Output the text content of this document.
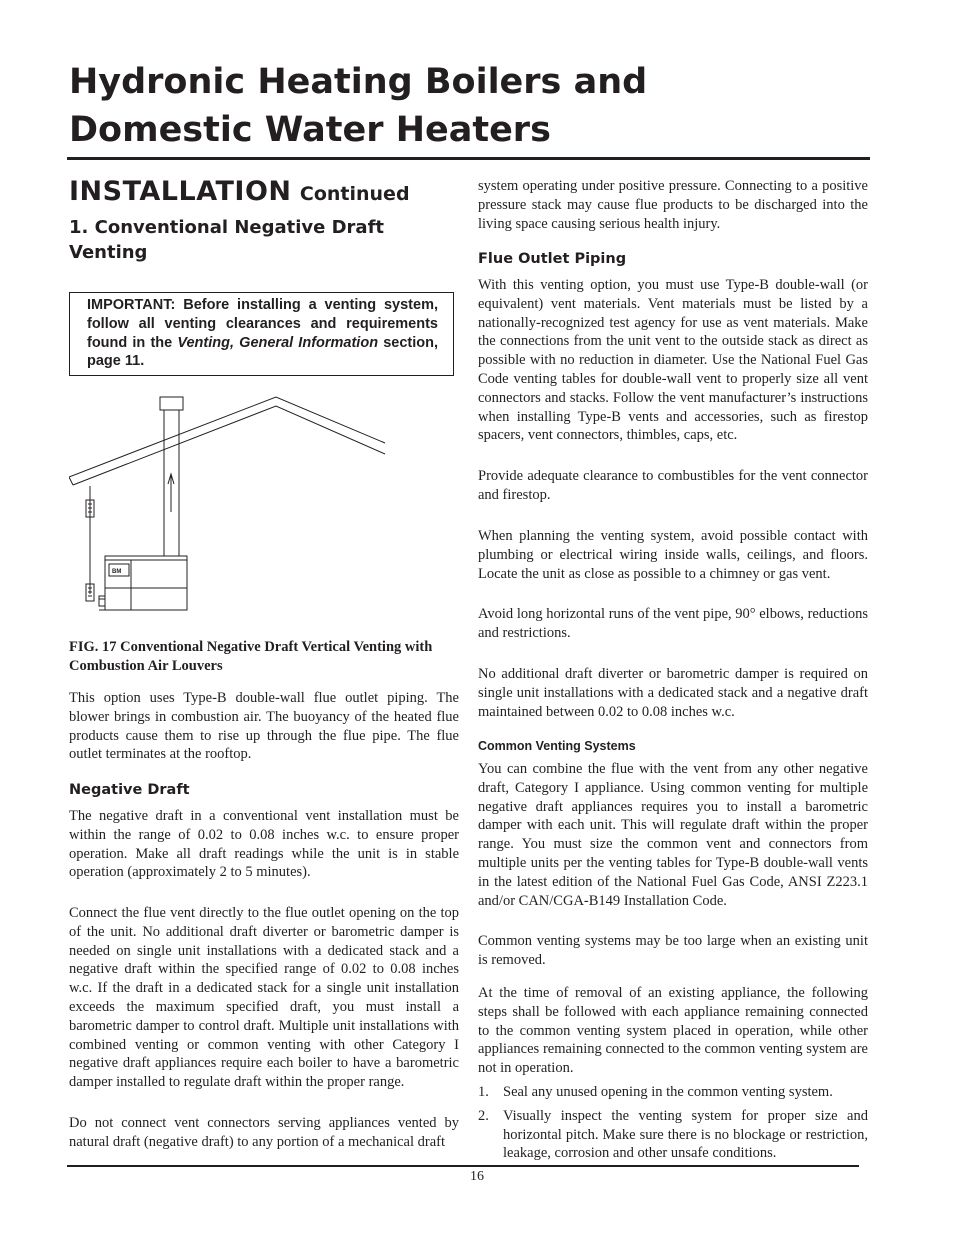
Hydronic Heating Boilers and
Domestic Water Heaters
INSTALLATION Continued
1. Conventional Negative Draft
Venting

IMPORTANT: Before installing a venting system, follow all venting clearances and requirements found in the Venting, General Information section, page 11.

BM

FIG. 17 Conventional Negative Draft Vertical Venting with
Combustion Air Louvers

This option uses Type-B double-wall flue outlet piping. The blower brings in combustion air. The buoyancy of the heated flue products cause them to rise up through the flue pipe. The flue outlet terminates at the rooftop.

Negative Draft

The negative draft in a conventional vent installation must be within the range of 0.02 to 0.08 inches w.c. to ensure proper operation. Make all draft readings while the unit is in stable operation (approximately 2 to 5 minutes).

Connect the flue vent directly to the flue outlet opening on the top of the unit. No additional draft diverter or barometric damper is needed on single unit installations with a dedicated stack and a negative draft within the specified range of 0.02 to 0.08 inches w.c. If the draft in a dedicated stack for a single unit installation exceeds the maximum specified draft, you must install a barometric damper to control draft. Multiple unit installations with combined venting or common venting with other Category I negative draft appliances require each boiler to have a barometric damper installed to regulate draft within the proper range.

Do not connect vent connectors serving appliances vented by natural draft (negative draft) to any portion of a mechanical draft

system operating under positive pressure. Connecting to a positive pressure stack may cause flue products to be discharged into the living space causing serious health injury.

Flue Outlet Piping

With this venting option, you must use Type-B double-wall (or equivalent) vent materials. Vent materials must be listed by a nationally-recognized test agency for use as vent materials. Make the connections from the unit vent to the outside stack as direct as possible with no reduction in diameter. Use the National Fuel Gas Code venting tables for double-wall vent to properly size all vent connectors and stacks. Follow the vent manufacturer’s instructions when installing Type-B vents and accessories, such as firestop spacers, vent connectors, thimbles, caps, etc.

Provide adequate clearance to combustibles for the vent connector and firestop.

When planning the venting system, avoid possible contact with plumbing or electrical wiring inside walls, ceilings, and floors. Locate the unit as close as possible to a chimney or gas vent.

Avoid long horizontal runs of the vent pipe, 90° elbows, reductions and restrictions.

No additional draft diverter or barometric damper is required on single unit installations with a dedicated stack and a negative draft maintained between 0.02 to 0.08 inches w.c.

Common Venting Systems

You can combine the flue with the vent from any other negative draft, Category I appliance. Using common venting for multiple negative draft appliances requires you to install a barometric damper with each unit. This will regulate draft within the proper range. You must size the common vent and connectors from multiple units per the venting tables for Type-B double-wall vents in the latest edition of the National Fuel Gas Code, ANSI Z223.1 and/or CAN/CGA-B149 Installation Code.

Common venting systems may be too large when an existing unit is removed.

At the time of removal of an existing appliance, the following steps shall be followed with each appliance remaining connected to the common venting system placed in operation, while other appliances remaining connected to the common venting system are not in operation.

1. Seal any unused opening in the common venting system.
2. Visually inspect the venting system for proper size and horizontal pitch. Make sure there is no blockage or restriction, leakage, corrosion and other unsafe conditions.
16
